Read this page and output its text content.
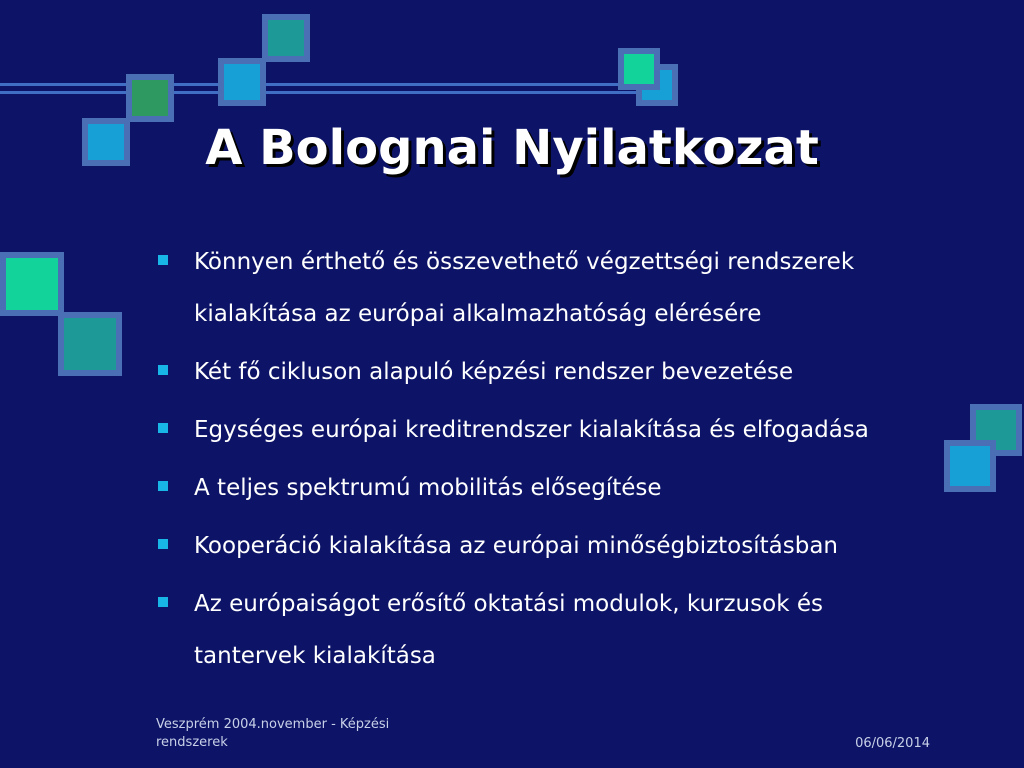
A Bolognai Nyilatkozat
Könnyen érthető és összevethető végzettségi rendszerek kialakítása az európai alkalmazhatóság elérésére
Két fő cikluson alapuló képzési rendszer bevezetése
Egységes európai kreditrendszer kialakítása és elfogadása
A teljes spektrumú mobilitás elősegítése
Kooperáció kialakítása az európai minőségbiztosításban
Az európaiságot erősítő oktatási modulok, kurzusok és tantervek kialakítása
Veszprém 2004.november - Képzési rendszerek	06/06/2014
